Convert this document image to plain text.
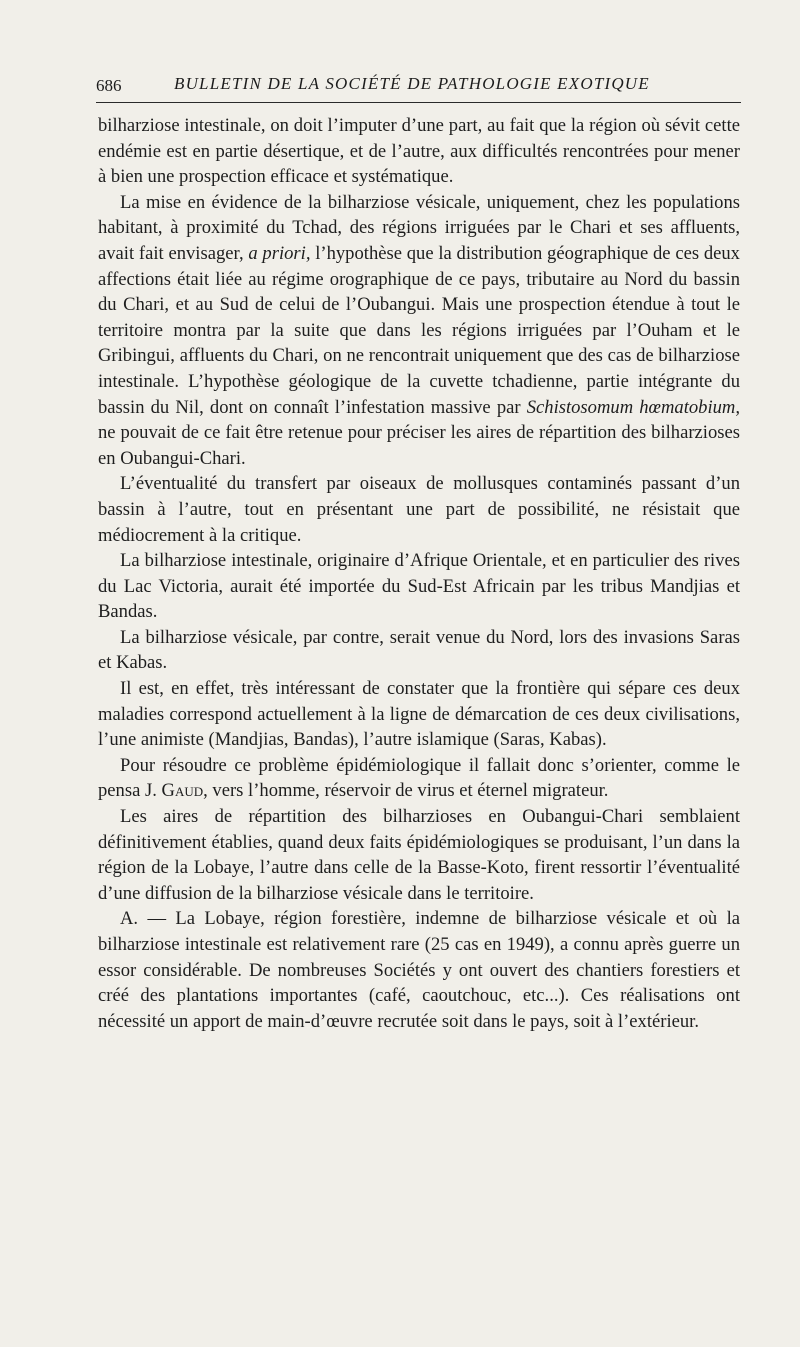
686	BULLETIN DE LA SOCIÉTÉ DE PATHOLOGIE EXOTIQUE

bilharziose intestinale, on doit l’imputer d’une part, au fait que la région où sévit cette endémie est en partie désertique, et de l’autre, aux difficultés rencontrées pour mener à bien une prospection efficace et systématique.

La mise en évidence de la bilharziose vésicale, uniquement, chez les populations habitant, à proximité du Tchad, des régions irriguées par le Chari et ses affluents, avait fait envisager, a priori, l’hypothèse que la distribution géographique de ces deux affections était liée au régime orographique de ce pays, tributaire au Nord du bassin du Chari, et au Sud de celui de l’Oubangui. Mais une prospection étendue à tout le territoire montra par la suite que dans les régions irriguées par l’Ouham et le Gribingui, affluents du Chari, on ne rencontrait uniquement que des cas de bilharziose intestinale. L’hypothèse géologique de la cuvette tchadienne, partie intégrante du bassin du Nil, dont on connaît l’infestation massive par Schistosomum hœmatobium, ne pouvait de ce fait être retenue pour préciser les aires de répartition des bilharzioses en Oubangui-Chari.

L’éventualité du transfert par oiseaux de mollusques contaminés passant d’un bassin à l’autre, tout en présentant une part de possibilité, ne résistait que médiocrement à la critique.

La bilharziose intestinale, originaire d’Afrique Orientale, et en particulier des rives du Lac Victoria, aurait été importée du Sud-Est Africain par les tribus Mandjias et Bandas.

La bilharziose vésicale, par contre, serait venue du Nord, lors des invasions Saras et Kabas.

Il est, en effet, très intéressant de constater que la frontière qui sépare ces deux maladies correspond actuellement à la ligne de démarcation de ces deux civilisations, l’une animiste (Mandjias, Bandas), l’autre islamique (Saras, Kabas).

Pour résoudre ce problème épidémiologique il fallait donc s’orienter, comme le pensa J. Gaud, vers l’homme, réservoir de virus et éternel migrateur.

Les aires de répartition des bilharzioses en Oubangui-Chari semblaient définitivement établies, quand deux faits épidémiologiques se produisant, l’un dans la région de la Lobaye, l’autre dans celle de la Basse-Koto, firent ressortir l’éventualité d’une diffusion de la bilharziose vésicale dans le territoire.

A. — La Lobaye, région forestière, indemne de bilharziose vésicale et où la bilharziose intestinale est relativement rare (25 cas en 1949), a connu après guerre un essor considérable. De nombreuses Sociétés y ont ouvert des chantiers forestiers et créé des plantations importantes (café, caoutchouc, etc...). Ces réalisations ont nécessité un apport de main-d’œuvre recrutée soit dans le pays, soit à l’extérieur.
